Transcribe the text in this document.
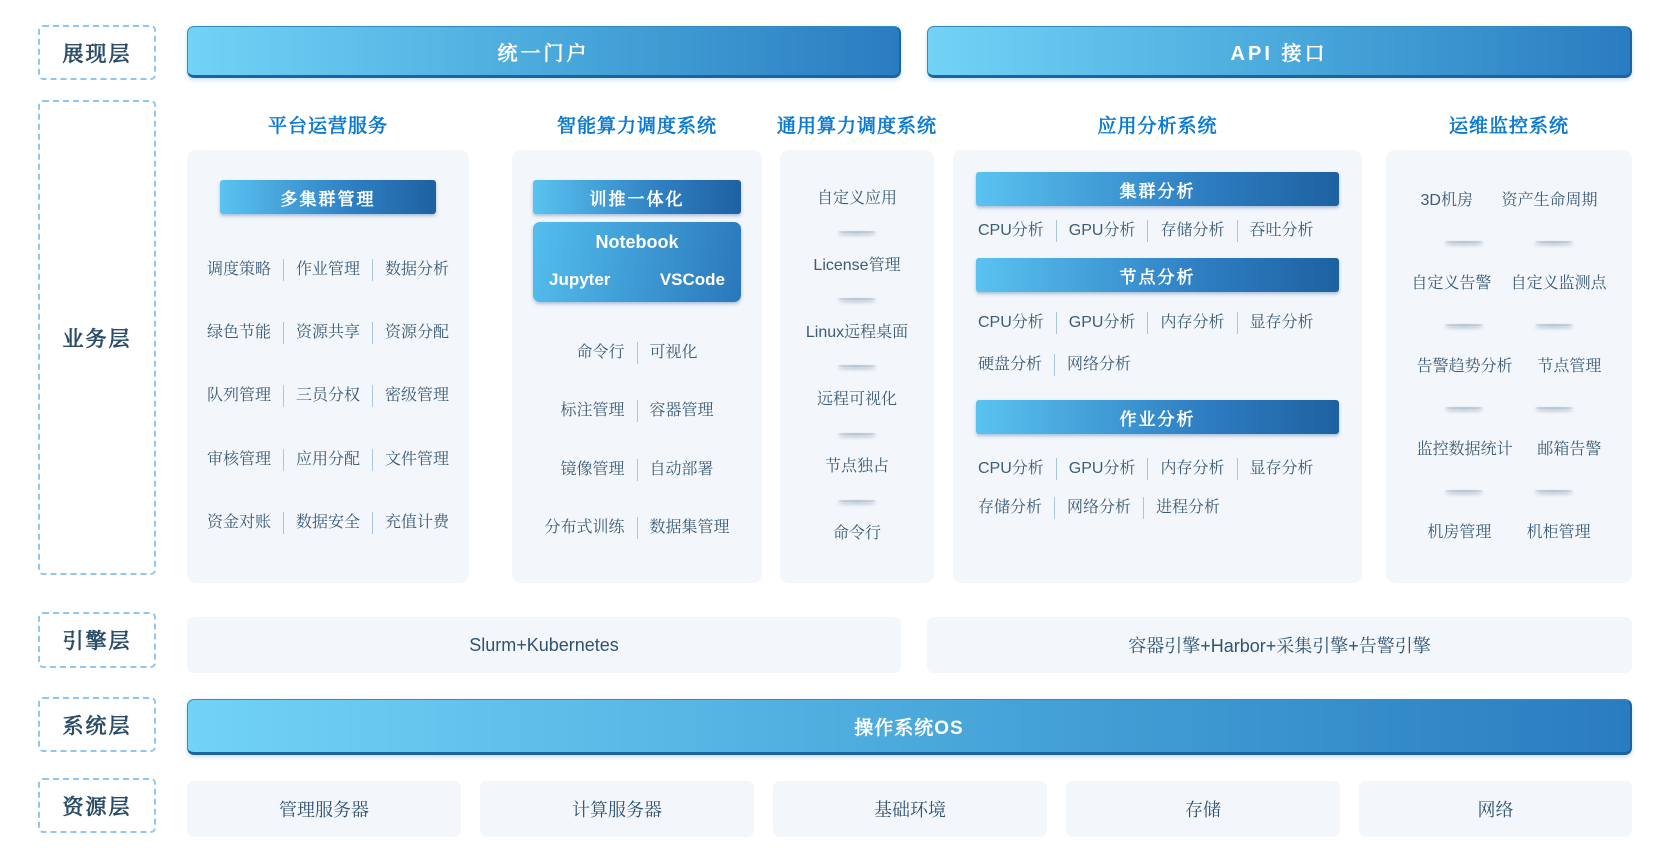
展现层
业务层
引擎层
系统层
资源层
统一门户	API 接口
平台运营服务	智能算力调度系统	通用算力调度系统	应用分析系统	运维监控系统
多集群管理
调度策略	作业管理	数据分析
绿色节能	资源共享	资源分配
队列管理	三员分权	密级管理
审核管理	应用分配	文件管理
资金对账	数据安全	充值计费
训推一体化
Notebook
Jupyter	VSCode
命令行	可视化
标注管理	容器管理
镜像管理	自动部署
分布式训练	数据集管理
自定义应用
License管理
Linux远程桌面
远程可视化
节点独占
命令行
集群分析
CPU分析	GPU分析	存储分析	吞吐分析
节点分析
CPU分析	GPU分析	内存分析	显存分析
硬盘分析	网络分析
作业分析
CPU分析	GPU分析	内存分析	显存分析
存储分析	网络分析	进程分析
3D机房 资产生命周期
自定义告警 自定义监测点
告警趋势分析 节点管理
监控数据统计 邮箱告警
机房管理 机柜管理
Slurm+Kubernetes	容器引擎+Harbor+采集引擎+告警引擎
操作系统OS
管理服务器	计算服务器	基础环境	存储	网络
